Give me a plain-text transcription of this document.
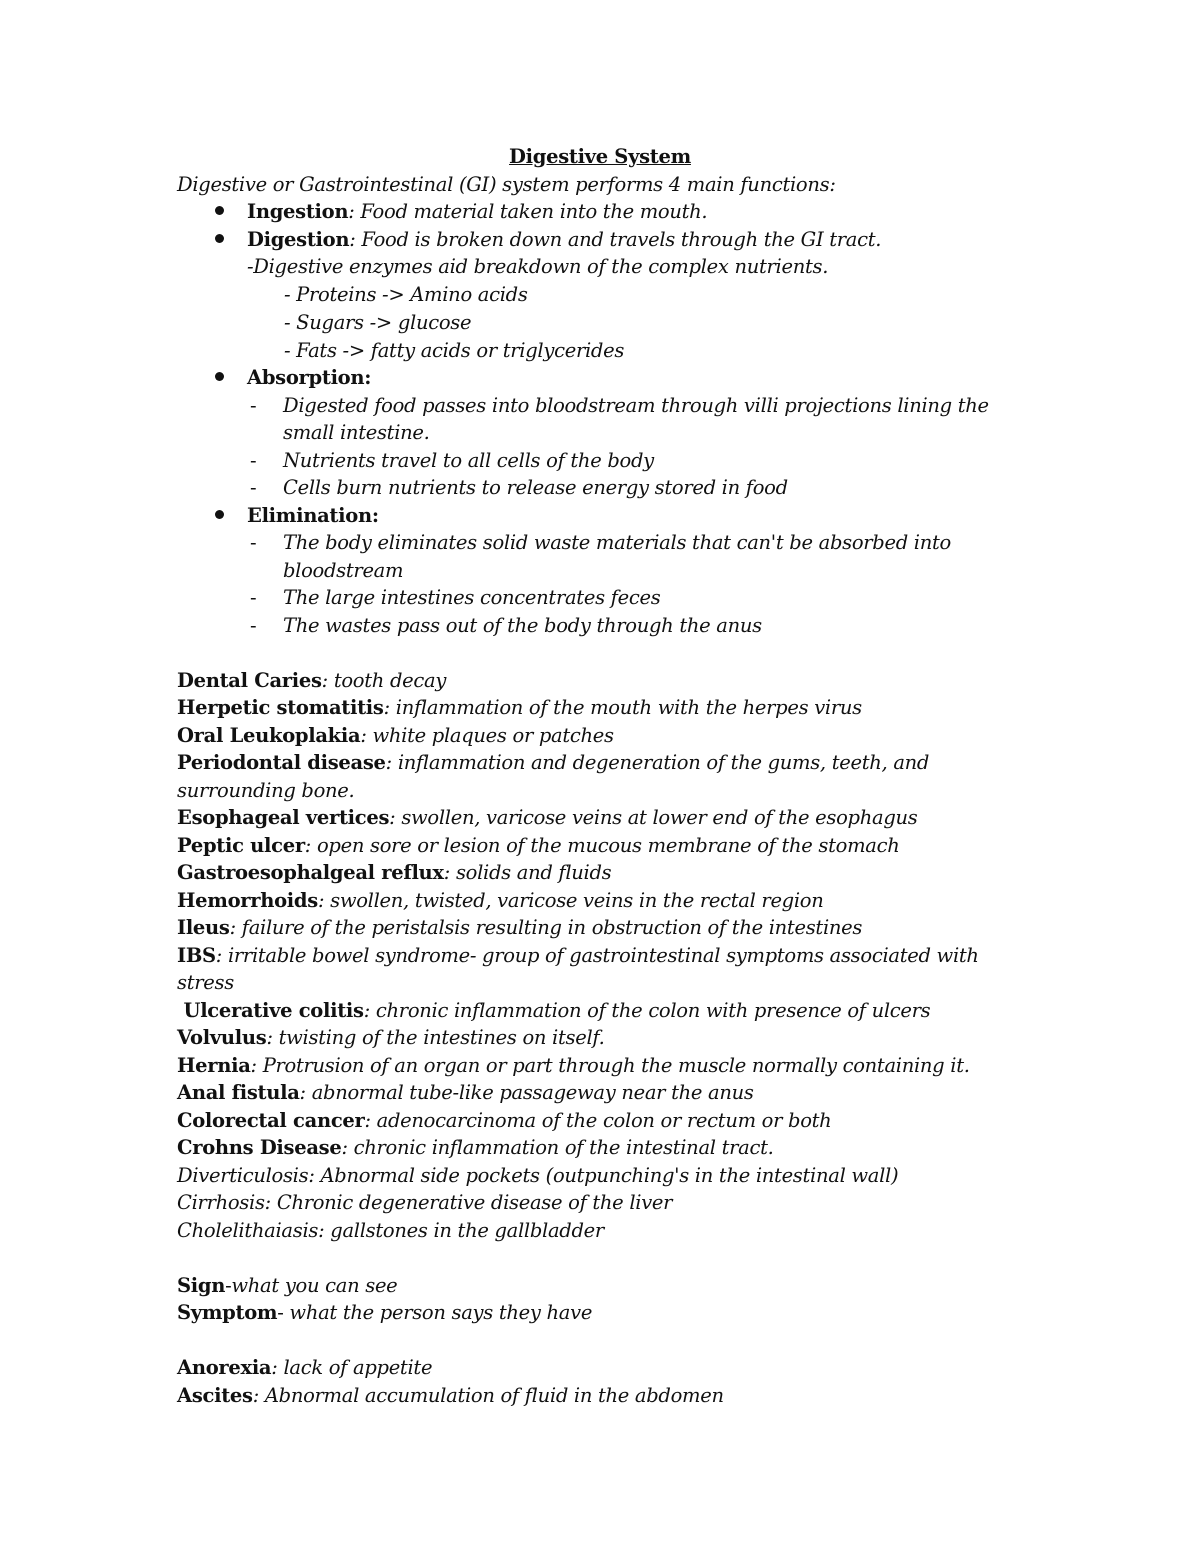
Digestive System
Digestive or Gastrointestinal (GI) system performs 4 main functions:
Ingestion: Food material taken into the mouth.
Digestion: Food is broken down and travels through the GI tract.
-Digestive enzymes aid breakdown of the complex nutrients.
- Proteins -> Amino acids
- Sugars -> glucose
- Fats -> fatty acids or triglycerides
Absorption:
- Digested food passes into bloodstream through villi projections lining the
small intestine.
- Nutrients travel to all cells of the body
- Cells burn nutrients to release energy stored in food
Elimination:
- The body eliminates solid waste materials that can't be absorbed into
bloodstream
- The large intestines concentrates feces
- The wastes pass out of the body through the anus
Dental Caries: tooth decay
Herpetic stomatitis: inflammation of the mouth with the herpes virus
Oral Leukoplakia: white plaques or patches
Periodontal disease: inflammation and degeneration of the gums, teeth, and
surrounding bone.
Esophageal vertices: swollen, varicose veins at lower end of the esophagus
Peptic ulcer: open sore or lesion of the mucous membrane of the stomach
Gastroesophalgeal reflux: solids and fluids
Hemorrhoids: swollen, twisted, varicose veins in the rectal region
Ileus: failure of the peristalsis resulting in obstruction of the intestines
IBS: irritable bowel syndrome- group of gastrointestinal symptoms associated with
stress
Ulcerative colitis: chronic inflammation of the colon with presence of ulcers
Volvulus: twisting of the intestines on itself.
Hernia: Protrusion of an organ or part through the muscle normally containing it.
Anal fistula: abnormal tube-like passageway near the anus
Colorectal cancer: adenocarcinoma of the colon or rectum or both
Crohns Disease: chronic inflammation of the intestinal tract.
Diverticulosis: Abnormal side pockets (outpunching's in the intestinal wall)
Cirrhosis: Chronic degenerative disease of the liver
Cholelithaiasis: gallstones in the gallbladder
Sign-what you can see
Symptom- what the person says they have
Anorexia: lack of appetite
Ascites: Abnormal accumulation of fluid in the abdomen
